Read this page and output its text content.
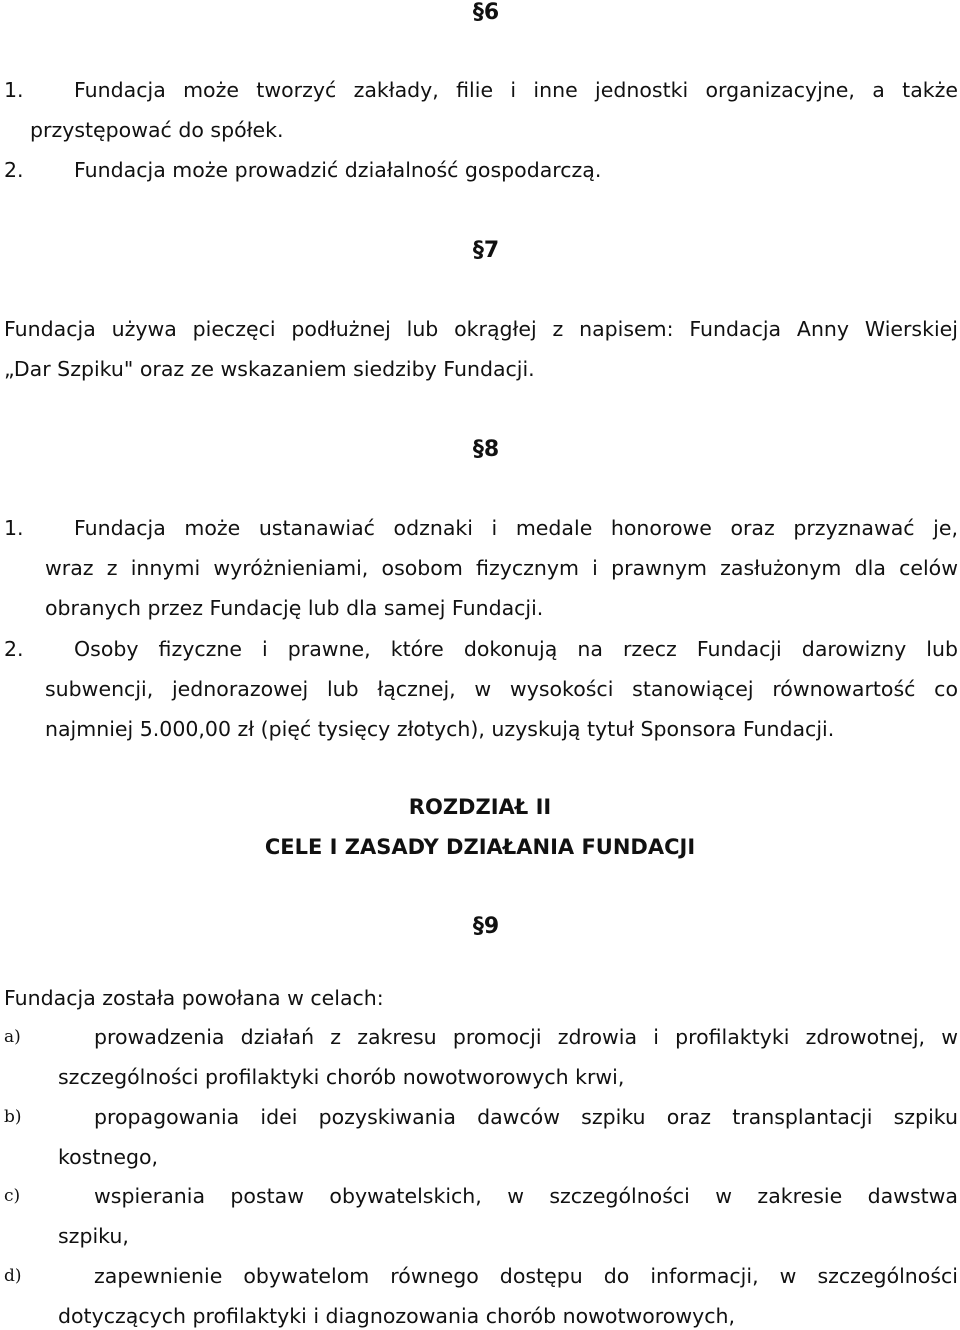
§6
1. Fundacja może tworzyć zakłady, filie i inne jednostki organizacyjne, a także
przystępować do spółek.
2. Fundacja może prowadzić działalność gospodarczą.
§7
Fundacja używa pieczęci podłużnej lub okrągłej z napisem: Fundacja Anny Wierskiej
„Dar Szpiku" oraz ze wskazaniem siedziby Fundacji.
§8
1. Fundacja może ustanawiać odznaki i medale honorowe oraz przyznawać je,
wraz z innymi wyróżnieniami, osobom fizycznym i prawnym zasłużonym dla celów
obranych przez Fundację lub dla samej Fundacji.
2. Osoby fizyczne i prawne, które dokonują na rzecz Fundacji darowizny lub
subwencji, jednorazowej lub łącznej, w wysokości stanowiącej równowartość co
najmniej 5.000,00 zł (pięć tysięcy złotych), uzyskują tytuł Sponsora Fundacji.
ROZDZIAŁ II
CELE I ZASADY DZIAŁANIA FUNDACJI
§9
Fundacja została powołana w celach:
a)	prowadzenia działań z zakresu promocji zdrowia i profilaktyki zdrowotnej, w
szczególności profilaktyki chorób nowotworowych krwi,
b)	propagowania idei pozyskiwania dawców szpiku oraz transplantacji szpiku
kostnego,
c)	wspierania postaw obywatelskich, w szczególności w zakresie dawstwa
szpiku,
d)	zapewnienie obywatelom równego dostępu do informacji, w szczególności
dotyczących profilaktyki i diagnozowania chorób nowotworowych,
